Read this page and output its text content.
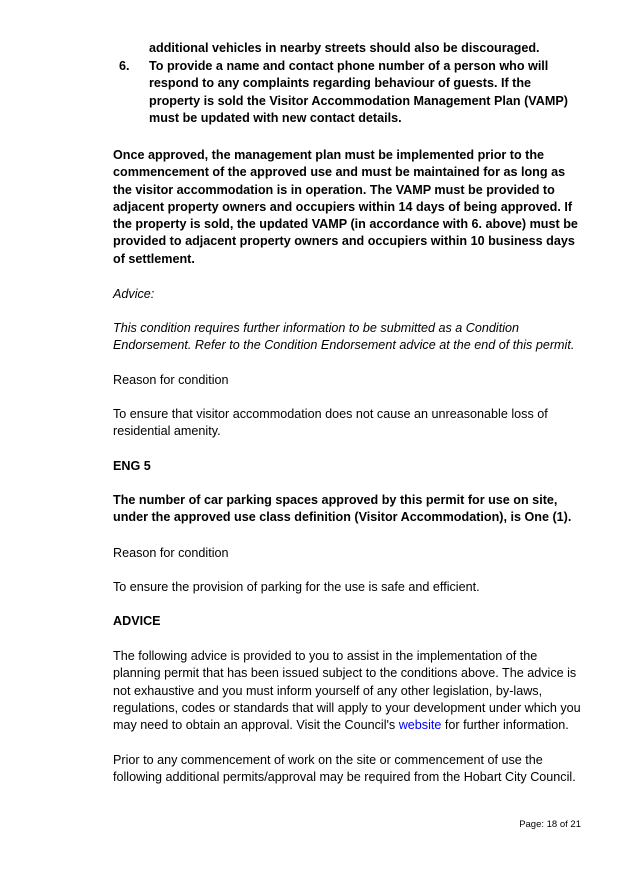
additional vehicles in nearby streets should also be discouraged.
6. To provide a name and contact phone number of a person who will respond to any complaints regarding behaviour of guests. If the property is sold the Visitor Accommodation Management Plan (VAMP) must be updated with new contact details.

Once approved, the management plan must be implemented prior to the commencement of the approved use and must be maintained for as long as the visitor accommodation is in operation. The VAMP must be provided to adjacent property owners and occupiers within 14 days of being approved. If the property is sold, the updated VAMP (in accordance with 6. above) must be provided to adjacent property owners and occupiers within 10 business days of settlement.

Advice:

This condition requires further information to be submitted as a Condition Endorsement. Refer to the Condition Endorsement advice at the end of this permit.

Reason for condition

To ensure that visitor accommodation does not cause an unreasonable loss of residential amenity.

ENG 5

The number of car parking spaces approved by this permit for use on site, under the approved use class definition (Visitor Accommodation), is One (1).

Reason for condition

To ensure the provision of parking for the use is safe and efficient.

ADVICE

The following advice is provided to you to assist in the implementation of the planning permit that has been issued subject to the conditions above. The advice is not exhaustive and you must inform yourself of any other legislation, by-laws, regulations, codes or standards that will apply to your development under which you may need to obtain an approval. Visit the Council's website for further information.

Prior to any commencement of work on the site or commencement of use the following additional permits/approval may be required from the Hobart City Council.

Page: 18 of 21
